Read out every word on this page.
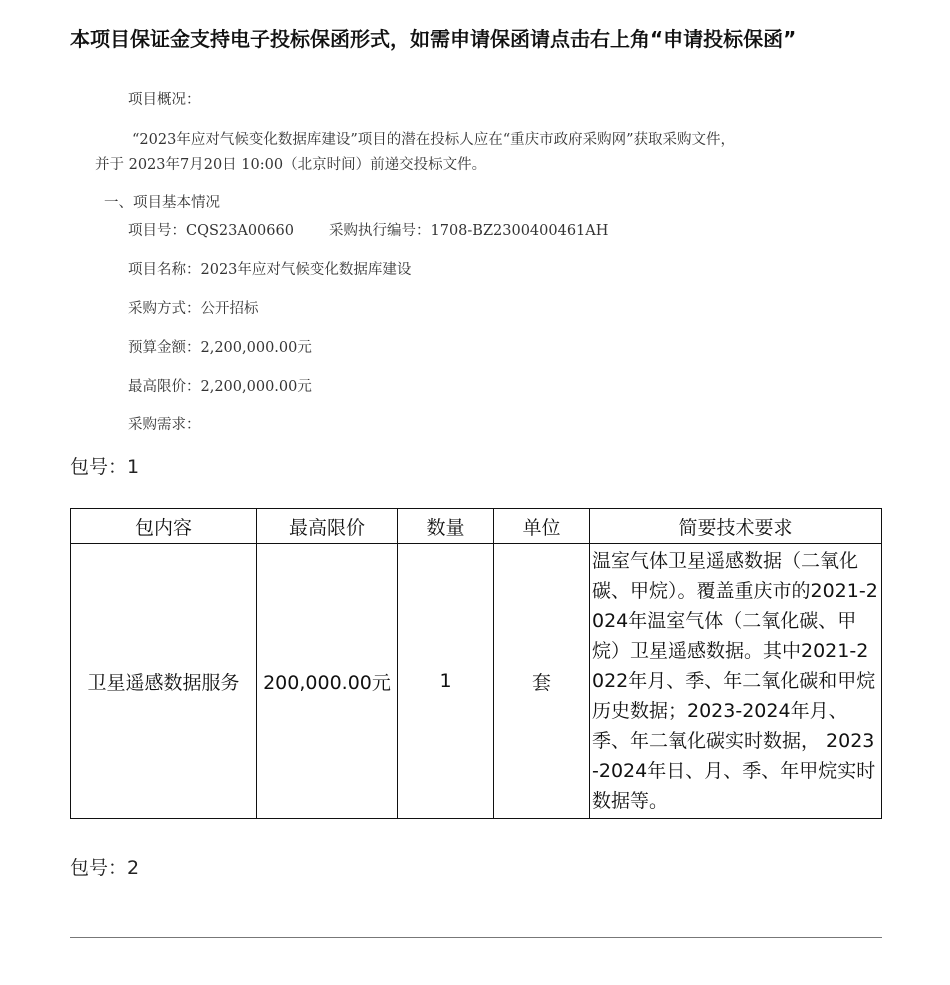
本项目保证金支持电子投标保函形式，如需申请保函请点击右上角“申请投标保函”
项目概况：
“2023年应对气候变化数据库建设”项目的潜在投标人应在“重庆市政府采购网”获取采购文件，
并于 2023年7月20日 10:00（北京时间）前递交投标文件。
一、项目基本情况
项目号：CQS23A00660 采购执行编号：1708-BZ2300400461AH
项目名称：2023年应对气候变化数据库建设
采购方式：公开招标
预算金额：2,200,000.00元
最高限价：2,200,000.00元
采购需求：
包号：1
包内容	最高限价	数量	单位	简要技术要求
卫星遥感数据服务	200,000.00元	1	套	温室气体卫星遥感数据（二氧化碳、甲烷）。覆盖重庆市的2021-2024年温室气体（二氧化碳、甲烷）卫星遥感数据。其中2021-2022年月、季、年二氧化碳和甲烷历史数据；2023-2024年月、季、年二氧化碳实时数据， 2023-2024年日、月、季、年甲烷实时数据等。
包号：2
